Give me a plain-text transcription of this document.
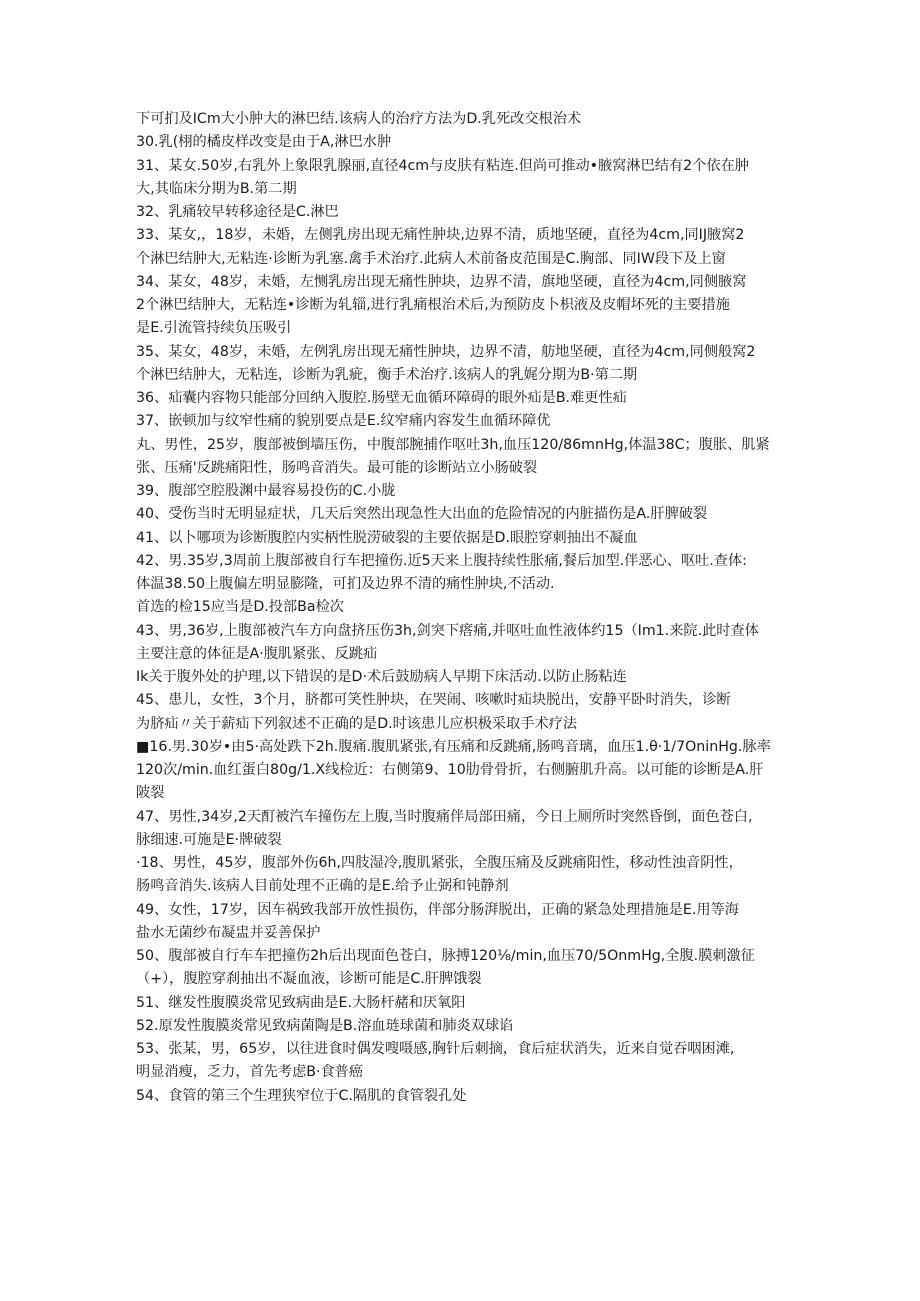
下可扪及ICm大小肿大的淋巴结.该病人的治疗方法为D.乳死改交根治术

30.乳(栩的橘皮样改变是由于A,淋巴水肿

31、某女.50岁,右乳外上象限乳腺丽,直径4cm与皮肤有粘连.但尚可推动•腋窝淋巴结有2个依在肿

大,其临床分期为B.第二期

32、乳痛较早转移途径是C.淋巴

33、某女,，18岁，未婚，左侧乳房出现无痛性肿块,边界不清，质地坚硬，直径为4cm,同IJ腋窝2

个淋巴结肿大,无粘连·诊断为乳塞.禽手术治疗.此病人术前备皮范围是C.胸部、同IW段下及上窗

34、某女，48岁，未婚，左恻乳房出现无痛性肿块，边界不清，旗地坚硬，直径为4cm,同侧腋窝

2个淋巴结肿大，无粘连•诊断为轧辎,进行乳痛根治术后,为预防皮卜枳液及皮帽坏死的主要措施

是E.引流管持续负压吸引

35、某女，48岁，未婚，左例乳房出现无痛性肿块，边界不清，舫地坚硬，直径为4cm,同侧般窝2

个淋巴结肿大，无粘连，诊断为乳疵，衡手术治疗.该病人的乳娓分期为B·第二期

36、疝囊内容物只能部分回纳入腹腔.肠壁无血循环障碍的眼外疝是B.难更性疝

37、嵌顿加与纹窄性痛的貌别要点是E.纹窄痛内容发生血循环障优

丸、男性，25岁，腹部被倒墙压伤，中腹部腕捕作呕吐3h,血压120/86mnHg,体温38C；腹胀、肌紧

张、压痛'反跳痛阳性，肠鸣音消失。最可能的诊断站立小肠破裂

39、腹部空腔股渊中最容易投伤的C.小胧

40、受伤当时无明显症状，几天后突然出现急性大出血的危险情况的内脏描伤是A.肝脾破裂

41、以卜哪项为诊断腹腔内实柄性脱涝破裂的主要依据是D.眼腔穿刺抽出不凝血

42、男.35岁,3周前上腹部被自行车把撞伤.近5天来上腹持续性胀痛,餐后加型.伴恶心、呕吐.查体:

体温38.50上腹偏左明显膨隆，可扪及边界不清的痛性肿块,不活动.

首选的检15应当是D.投部Ba检次

43、男,36岁,上腹部被汽车方向盘挤压伤3h,剑突下瘩痛,并呕吐血性液体约15（Im1.来院.此时查体

主要注意的体征是A·腹肌紧张、反跳疝

Ik关于腹外处的护理,以下错误的是D·术后鼓励病人早期下床活动.以防止肠粘连

45、患儿，女性，3个月，脐都可笑性肿块，在哭闹、咳嗽时疝块脱出，安静平卧时消失，诊断

为脐疝〃关于薪疝下列叙述不正确的是D.时该患儿应枳极采取手术疗法

■16.男.30岁•由5·高处跌下2h.腹痛.腹肌紧张,有压痛和反跳痛,肠鸣音璃，血压1.θ·1/7OninHg.脉率

120次/min.血红蛋白80g/1.X线检近：右侧第9、10肋骨骨折，右侧腑肌升高。以可能的诊断是A.肝

陂裂

47、男性,34岁,2天酊被汽车撞伤左上腹,当时腹痛伴局部田痛，今日上厕所时突然昏倒，面色苍白,

脉细速.可施是E·牌破裂

·18、男性，45岁，腹部外伤6h,四肢湿冷,腹肌紧张，全腹压痛及反跳痛阳性，移动性浊音阴性，

肠鸣音消失.该病人目前处理不正确的是E.给予止弼和钝静剂

49、女性，17岁，因车祸致我部开放性损伤，伴部分肠湃脱出，正确的紧急处理措施是E.用等海

盐水无菌纱布凝盅并妥善保护

50、腹部被自行车车把撞伤2h后出现面色苍白，脉搏120⅛∕min,血压70/5OnmHg,全腹.膜刺激征

（+），腹腔穿刹抽出不凝血液，诊断可能是C.肝脾饿裂

51、继发性腹膜炎常见致病曲是E.大肠杆赭和厌氧阳

52.原发性腹膜炎常见致病菌陶是B.溶血琏球菌和肺炎双球谄

53、张某，男，65岁，以往进食时偶发嗖嗫感,胸针后刺摘，食后症状消失，近来自觉吞咽困滩,

明显消瘦，乏力，首先考虑B·食普癌

54、食管的第三个生理狭窄位于C.隔肌的食管裂孔处
